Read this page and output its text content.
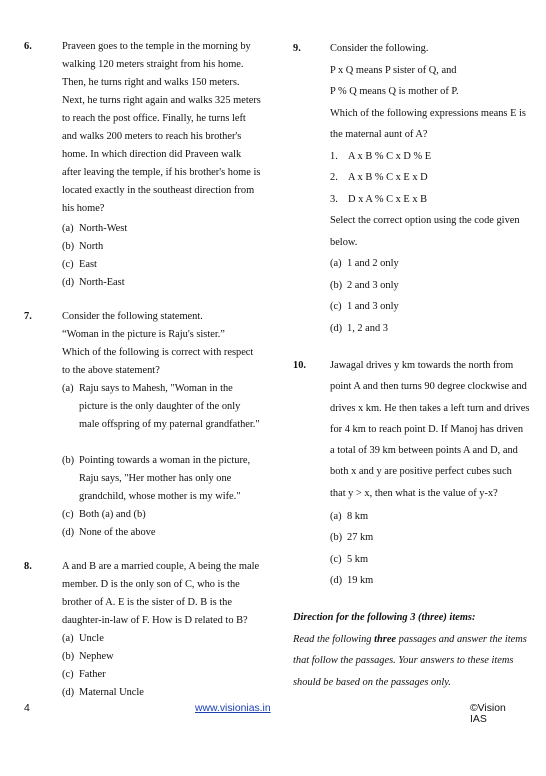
6.	Praveen goes to the temple in the morning by
walking 120 meters straight from his home.
Then, he turns right and walks 150 meters.
Next, he turns right again and walks 325 meters
to reach the post office. Finally, he turns left
and walks 200 meters to reach his brother's
home. In which direction did Praveen walk
after leaving the temple, if his brother's home is
located exactly in the southeast direction from
his home?
(a) North-West
(b) North
(c) East
(d) North-East
7.	Consider the following statement.
“Woman in the picture is Raju's sister.”
Which of the following is correct with respect
to the above statement?
(a) Raju says to Mahesh, "Woman in the
picture is the only daughter of the only
male offspring of my paternal grandfather."
(b) Pointing towards a woman in the picture,
Raju says, "Her mother has only one
grandchild, whose mother is my wife."
(c) Both (a) and (b)
(d) None of the above
8.	A and B are a married couple, A being the male
member. D is the only son of C, who is the
brother of A. E is the sister of D. B is the
daughter-in-law of F. How is D related to B?
(a) Uncle
(b) Nephew
(c) Father
(d) Maternal Uncle
9.	Consider the following.
P x Q means P sister of Q, and
P % Q means Q is mother of P.
Which of the following expressions means E is
the maternal aunt of A?
1. A x B % C x D % E
2. A x B % C x E x D
3. D x A % C x E x B
Select the correct option using the code given
below.
(a) 1 and 2 only
(b) 2 and 3 only
(c) 1 and 3 only
(d) 1, 2 and 3
10. Jawagal drives y km towards the north from
point A and then turns 90 degree clockwise and
drives x km. He then takes a left turn and drives
for 4 km to reach point D. If Manoj has driven
a total of 39 km between points A and D, and
both x and y are positive perfect cubes such
that y > x, then what is the value of y-x?
(a) 8 km
(b) 27 km
(c) 5 km
(d) 19 km
Direction for the following 3 (three) items:
Read the following three passages and answer the items
that follow the passages. Your answers to these items
should be based on the passages only.
4	www.visionias.in	©Vision IAS
